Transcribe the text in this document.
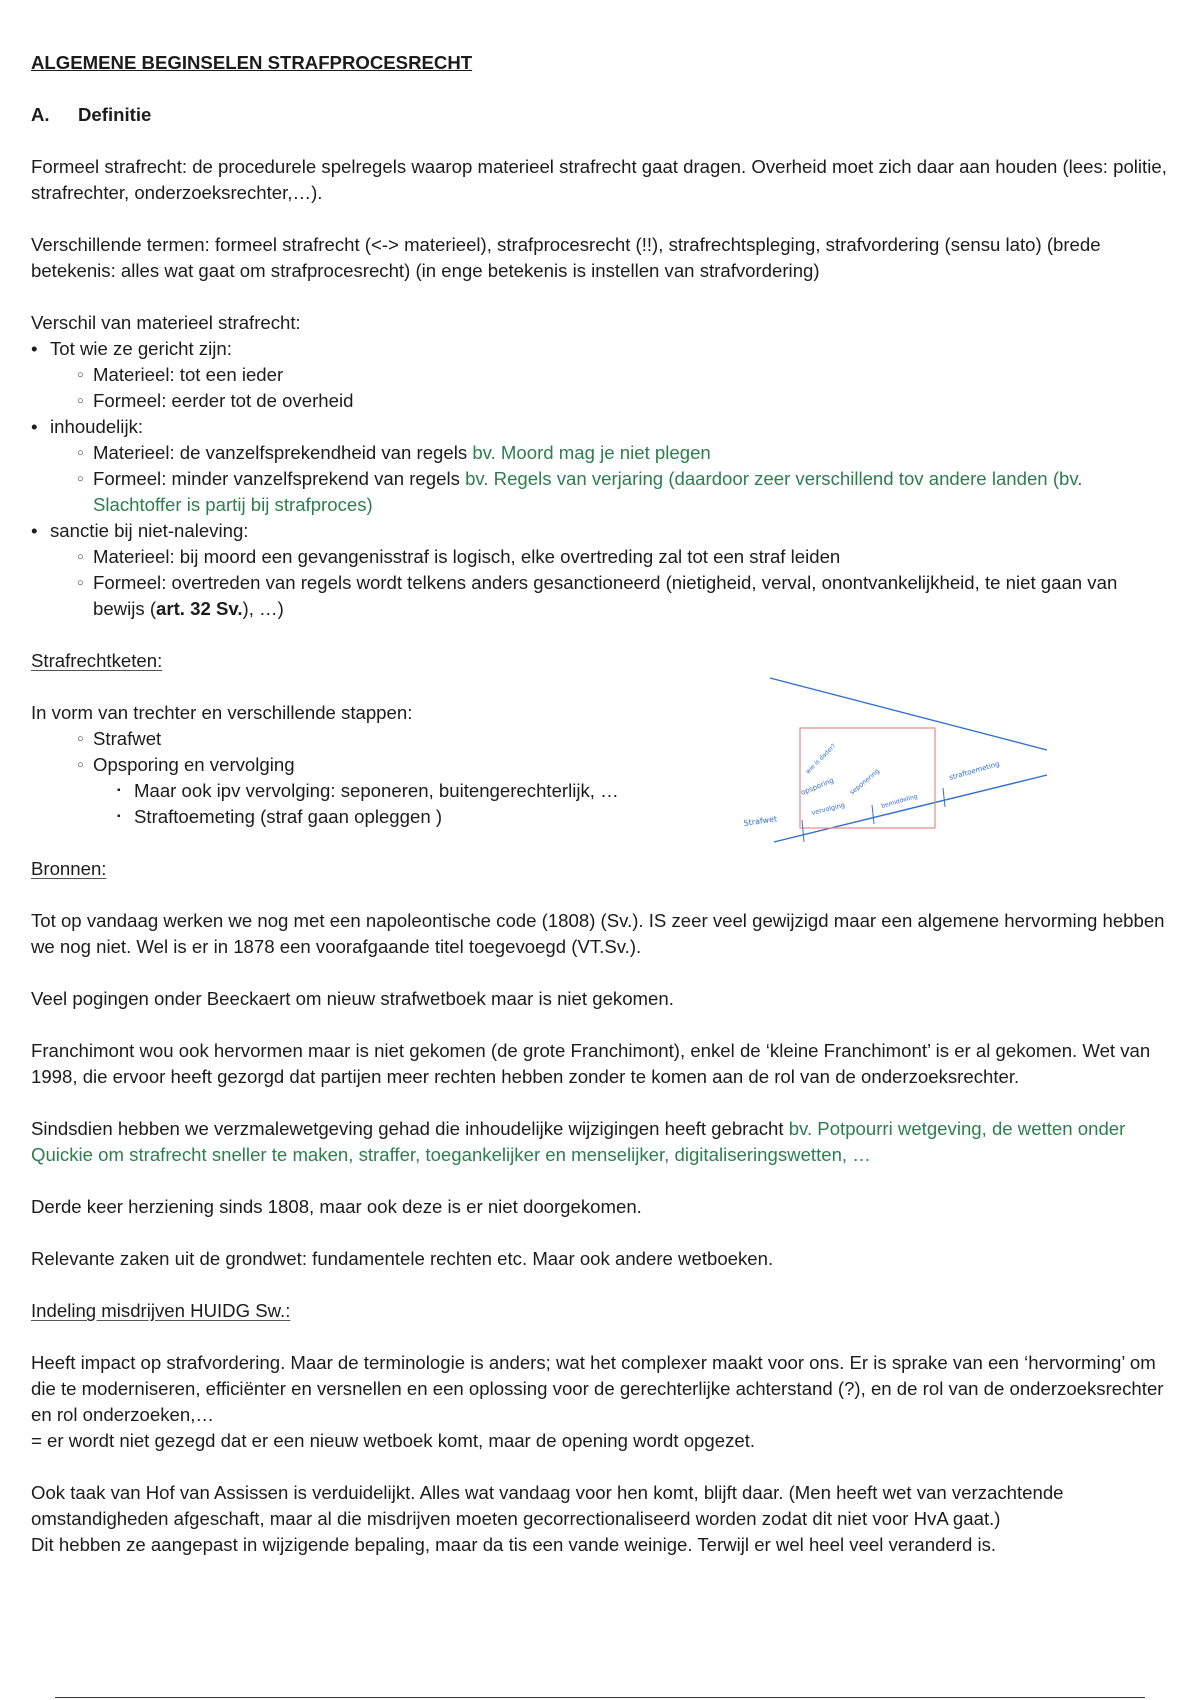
ALGEMENE BEGINSELEN STRAFPROCESRECHT

A. Definitie

Formeel strafrecht: de procedurele spelregels waarop materieel strafrecht gaat dragen. Overheid moet zich daar aan houden (lees: politie, strafrechter, onderzoeksrechter,…).

Verschillende termen: formeel strafrecht (<-> materieel), strafprocesrecht (!!), strafrechtspleging, strafvordering (sensu lato) (brede betekenis: alles wat gaat om strafprocesrecht) (in enge betekenis is instellen van strafvordering)

Verschil van materieel strafrecht:

• Tot wie ze gericht zijn:
○ Materieel: tot een ieder
○ Formeel: eerder tot de overheid
• inhoudelijk:
○ Materieel: de vanzelfsprekendheid van regels bv. Moord mag je niet plegen
○ Formeel: minder vanzelfsprekend van regels bv. Regels van verjaring (daardoor zeer verschillend tov andere landen (bv. Slachtoffer is partij bij strafproces)
• sanctie bij niet-naleving:
○ Materieel: bij moord een gevangenisstraf is logisch, elke overtreding zal tot een straf leiden
○ Formeel: overtreden van regels wordt telkens anders gesanctioneerd (nietigheid, verval, onontvankelijkheid, te niet gaan van bewijs (art. 32 Sv.), …)

Strafrechtketen:

In vorm van trechter en verschillende stappen:

○ Strafwet
○ Opsporing en vervolging
▪ Maar ook ipv vervolging: seponeren, buitengerechterlijk, …
▪ Straftoemeting (straf gaan opleggen )

Bronnen:

Tot op vandaag werken we nog met een napoleontische code (1808) (Sv.). IS zeer veel gewijzigd maar een algemene hervorming hebben we nog niet. Wel is er in 1878 een voorafgaande titel toegevoegd (VT.Sv.).

Veel pogingen onder Beeckaert om nieuw strafwetboek maar is niet gekomen.

Franchimont wou ook hervormen maar is niet gekomen (de grote Franchimont), enkel de ‘kleine Franchimont’ is er al gekomen. Wet van 1998, die ervoor heeft gezorgd dat partijen meer rechten hebben zonder te komen aan de rol van de onderzoeksrechter.

Sindsdien hebben we verzmalewetgeving gehad die inhoudelijke wijzigingen heeft gebracht bv. Potpourri wetgeving, de wetten onder Quickie om strafrecht sneller te maken, straffer, toegankelijker en menselijker, digitaliseringswetten, …

Derde keer herziening sinds 1808, maar ook deze is er niet doorgekomen.

Relevante zaken uit de grondwet: fundamentele rechten etc. Maar ook andere wetboeken.

Indeling misdrijven HUIDG Sw.:

Heeft impact op strafvordering. Maar de terminologie is anders; wat het complexer maakt voor ons. Er is sprake van een ‘hervorming’ om die te moderniseren, efficiënter en versnellen en een oplossing voor de gerechterlijke achterstand (?), en de rol van de onderzoeksrechter en rol onderzoeken,…

= er wordt niet gezegd dat er een nieuw wetboek komt, maar de opening wordt opgezet.

Ook taak van Hof van Assissen is verduidelijkt. Alles wat vandaag voor hen komt, blijft daar. (Men heeft wet van verzachtende omstandigheden afgeschaft, maar al die misdrijven moeten gecorrectionaliseerd worden zodat dit niet voor HvA gaat.)

Dit hebben ze aangepast in wijzigende bepaling, maar da tis een vande weinige. Terwijl er wel heel veel veranderd is.

Strafwet
straftoemeting
opsporing
vervolging
seponering
bemiddeling
wie is dader?
